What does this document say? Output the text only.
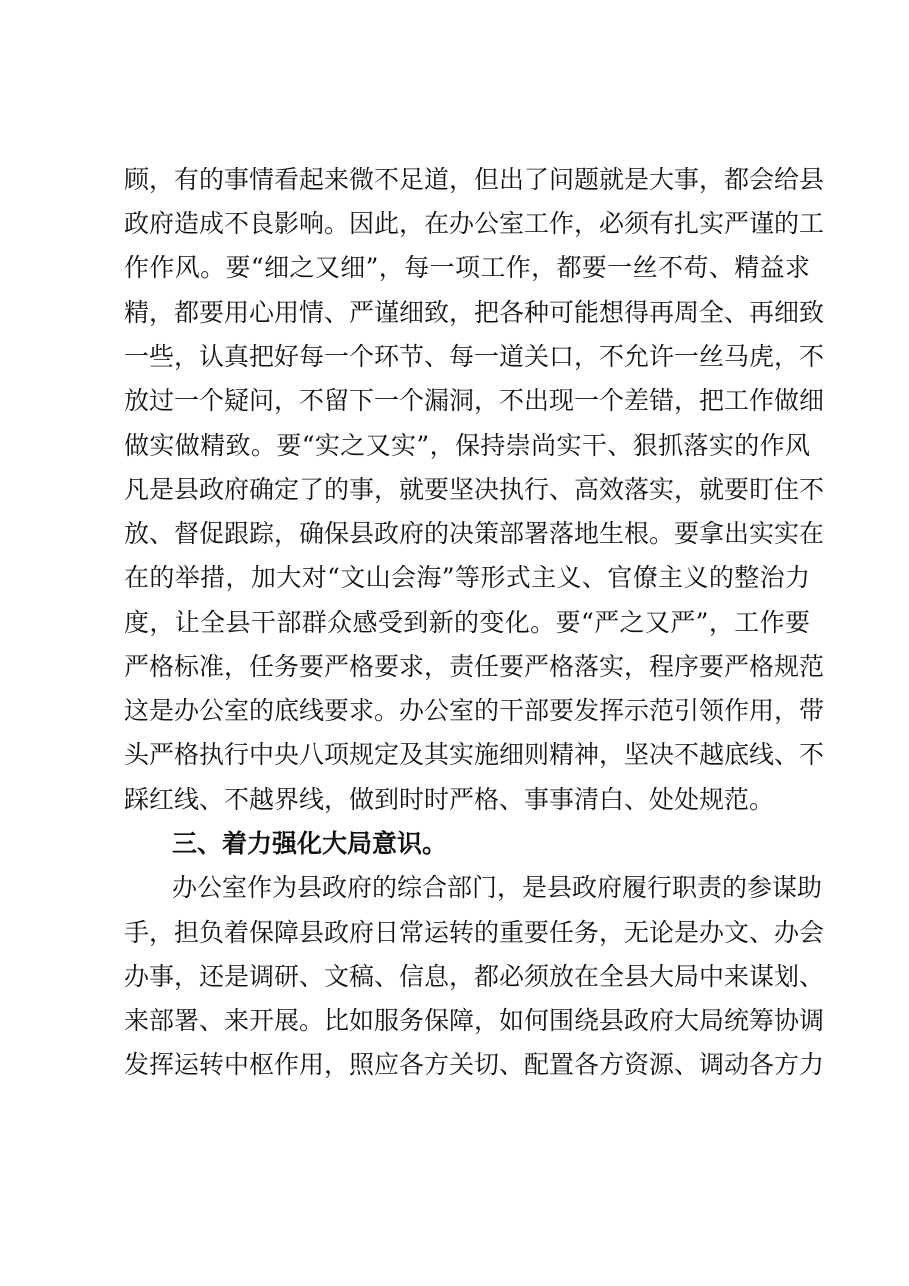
顾，有的事情看起来微不足道，但出了问题就是大事，都会给县
政府造成不良影响。因此，在办公室工作，必须有扎实严谨的工
作作风。要“细之又细”，每一项工作，都要一丝不苟、精益求
精，都要用心用情、严谨细致，把各种可能想得再周全、再细致
一些，认真把好每一个环节、每一道关口，不允许一丝马虎，不
放过一个疑问，不留下一个漏洞，不出现一个差错，把工作做细
做实做精致。要“实之又实”，保持崇尚实干、狠抓落实的作风
凡是县政府确定了的事，就要坚决执行、高效落实，就要盯住不
放、督促跟踪，确保县政府的决策部署落地生根。要拿出实实在
在的举措，加大对“文山会海”等形式主义、官僚主义的整治力
度，让全县干部群众感受到新的变化。要“严之又严”，工作要
严格标准，任务要严格要求，责任要严格落实，程序要严格规范
这是办公室的底线要求。办公室的干部要发挥示范引领作用，带
头严格执行中央八项规定及其实施细则精神，坚决不越底线、不
踩红线、不越界线，做到时时严格、事事清白、处处规范。
三、着力强化大局意识。
办公室作为县政府的综合部门，是县政府履行职责的参谋助
手，担负着保障县政府日常运转的重要任务，无论是办文、办会
办事，还是调研、文稿、信息，都必须放在全县大局中来谋划、
来部署、来开展。比如服务保障，如何围绕县政府大局统筹协调
发挥运转中枢作用，照应各方关切、配置各方资源、调动各方力
